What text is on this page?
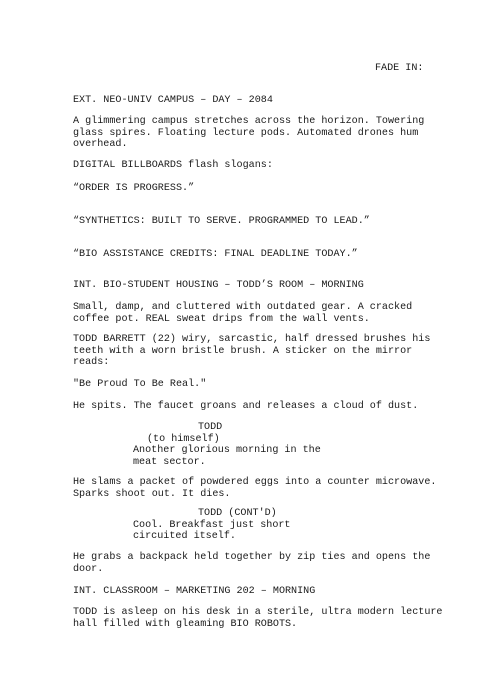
FADE IN:
EXT. NEO-UNIV CAMPUS – DAY – 2084
A glimmering campus stretches across the horizon. Towering
glass spires. Floating lecture pods. Automated drones hum
overhead.
DIGITAL BILLBOARDS flash slogans:
“ORDER IS PROGRESS.”
“SYNTHETICS: BUILT TO SERVE. PROGRAMMED TO LEAD.”
“BIO ASSISTANCE CREDITS: FINAL DEADLINE TODAY.”
INT. BIO-STUDENT HOUSING – TODD’S ROOM – MORNING
Small, damp, and cluttered with outdated gear. A cracked
coffee pot. REAL sweat drips from the wall vents.
TODD BARRETT (22) wiry, sarcastic, half dressed brushes his
teeth with a worn bristle brush. A sticker on the mirror
reads:
"Be Proud To Be Real."
He spits. The faucet groans and releases a cloud of dust.
TODD
(to himself)
Another glorious morning in the
meat sector.
He slams a packet of powdered eggs into a counter microwave.
Sparks shoot out. It dies.
TODD (CONT'D)
Cool. Breakfast just short
circuited itself.
He grabs a backpack held together by zip ties and opens the
door.
INT. CLASSROOM – MARKETING 202 – MORNING
TODD is asleep on his desk in a sterile, ultra modern lecture
hall filled with gleaming BIO ROBOTS.
